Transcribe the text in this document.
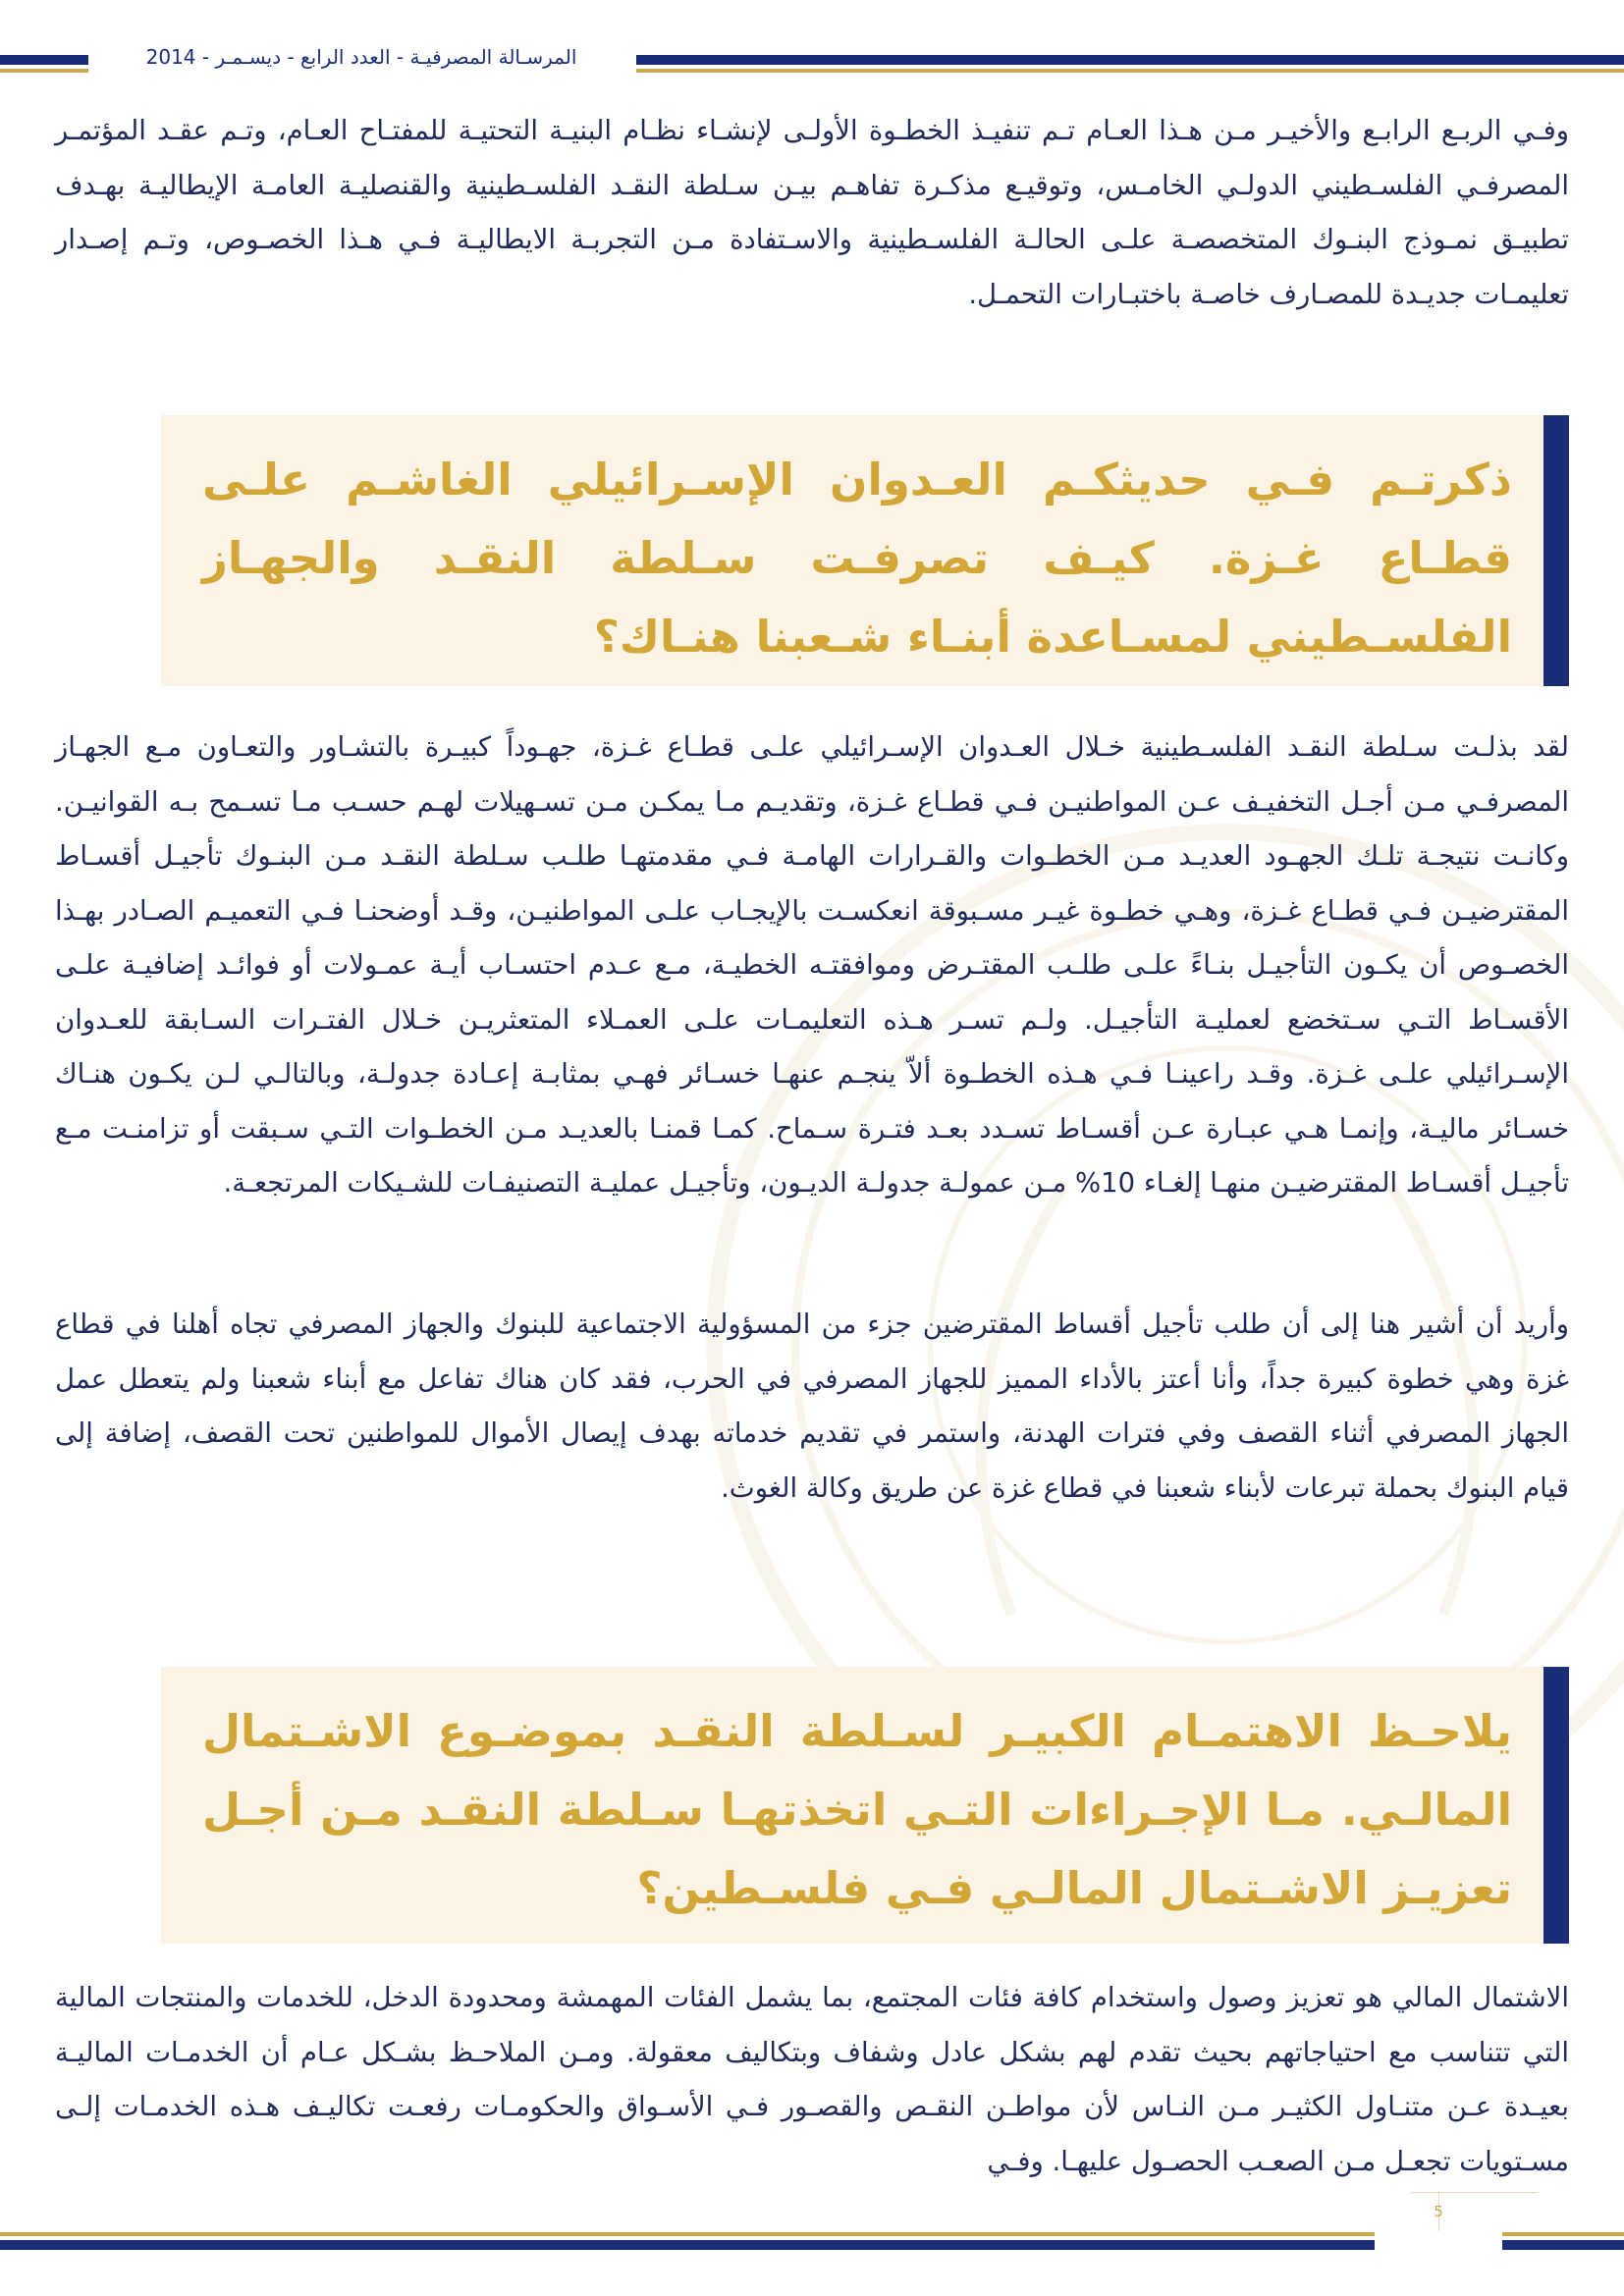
المرسـالة المصرفيـة - العدد الرابع - ديسـمـر - 2014

وفـي الربـع الرابـع والأخيـر مـن هـذا العـام تـم تنفيـذ الخطـوة الأولـى لإنشـاء نظـام البنيـة التحتيـة للمفتـاح العـام، وتـم عقـد المؤتمـر المصرفـي الفلسـطيني الدولـي الخامـس، وتوقيـع مذكـرة تفاهـم بيـن سـلطة النقـد الفلسـطينية والقنصليـة العامـة الإيطاليـة بهـدف تطبيـق نمـوذج البنـوك المتخصصـة علـى الحالـة الفلسـطينية والاسـتفادة مـن التجربـة الايطاليـة فـي هـذا الخصـوص، وتـم إصـدار تعليمـات جديـدة للمصـارف خاصـة باختبـارات التحمـل.

ذكرتـم فـي حديثكـم العـدوان الإسـرائيلي الغاشـم علـى قطـاع غـزة. كيـف تصرفـت سـلطة النقـد والجهـاز الفلسـطيني لمسـاعدة أبنـاء شـعبنا هنـاك؟

لقد بذلـت سـلطة النقـد الفلسـطينية خـلال العـدوان الإسـرائيلي علـى قطـاع غـزة، جهـوداً كبيـرة بالتشـاور والتعـاون مـع الجهـاز المصرفـي مـن أجـل التخفيـف عـن المواطنيـن فـي قطـاع غـزة، وتقديـم مـا يمكـن مـن تسـهيلات لهـم حسـب مـا تسـمح بـه القوانيـن. وكانـت نتيجـة تلـك الجهـود العديـد مـن الخطـوات والقـرارات الهامـة فـي مقدمتهـا طلـب سـلطة النقـد مـن البنـوك تأجيـل أقسـاط المقترضيـن فـي قطـاع غـزة، وهـي خطـوة غيـر مسـبوقة انعكسـت بالإيجـاب علـى المواطنيـن، وقـد أوضحنـا فـي التعميـم الصـادر بهـذا الخصـوص أن يكـون التأجيـل بنـاءً علـى طلـب المقتـرض وموافقتـه الخطيـة، مـع عـدم احتسـاب أيـة عمـولات أو فوائـد إضافيـة علـى الأقسـاط التـي سـتخضع لعمليـة التأجيـل. ولـم تسـر هـذه التعليمـات علـى العمـلاء المتعثريـن خـلال الفتـرات السـابقة للعـدوان الإسـرائيلي علـى غـزة. وقـد راعينـا فـي هـذه الخطـوة ألاّ ينجـم عنهـا خسـائر فهـي بمثابـة إعـادة جدولـة، وبالتالـي لـن يكـون هنـاك خسـائر ماليـة، وإنمـا هـي عبـارة عـن أقسـاط تسـدد بعـد فتـرة سـماح. كمـا قمنـا بالعديـد مـن الخطـوات التـي سـبقت أو تزامنـت مـع تأجيـل أقسـاط المقترضيـن منهـا إلغـاء 10% مـن عمولـة جدولـة الديـون، وتأجيـل عمليـة التصنيفـات للشـيكات المرتجعـة.

وأريد أن أشير هنا إلى أن طلب تأجيل أقساط المقترضين جزء من المسؤولية الاجتماعية للبنوك والجهاز المصرفي تجاه أهلنا في قطاع غزة وهي خطوة كبيرة جداً، وأنا أعتز بالأداء المميز للجهاز المصرفي في الحرب، فقد كان هناك تفاعل مع أبناء شعبنا ولم يتعطل عمل الجهاز المصرفي أثناء القصف وفي فترات الهدنة، واستمر في تقديم خدماته بهدف إيصال الأموال للمواطنين تحت القصف، إضافة إلى قيام البنوك بحملة تبرعات لأبناء شعبنا في قطاع غزة عن طريق وكالة الغوث.

يلاحـظ الاهتمـام الكبيـر لسـلطة النقـد بموضـوع الاشـتمال المالـي. مـا الإجـراءات التـي اتخذتهـا سـلطة النقـد مـن أجـل تعزيـز الاشـتمال المالـي فـي فلسـطين؟

الاشتمال المالي هو تعزيز وصول واستخدام كافة فئات المجتمع، بما يشمل الفئات المهمشة ومحدودة الدخل، للخدمات والمنتجات المالية التي تتناسب مع احتياجاتهم بحيث تقدم لهم بشكل عادل وشفاف وبتكاليف معقولة. ومـن الملاحـظ بشـكل عـام أن الخدمـات الماليـة بعيـدة عـن متنـاول الكثيـر مـن النـاس لأن مواطـن النقـص والقصـور فـي الأسـواق والحكومـات رفعـت تكاليـف هـذه الخدمـات إلـى مسـتويات تجعـل مـن الصعـب الحصـول عليهـا. وفـي

5
